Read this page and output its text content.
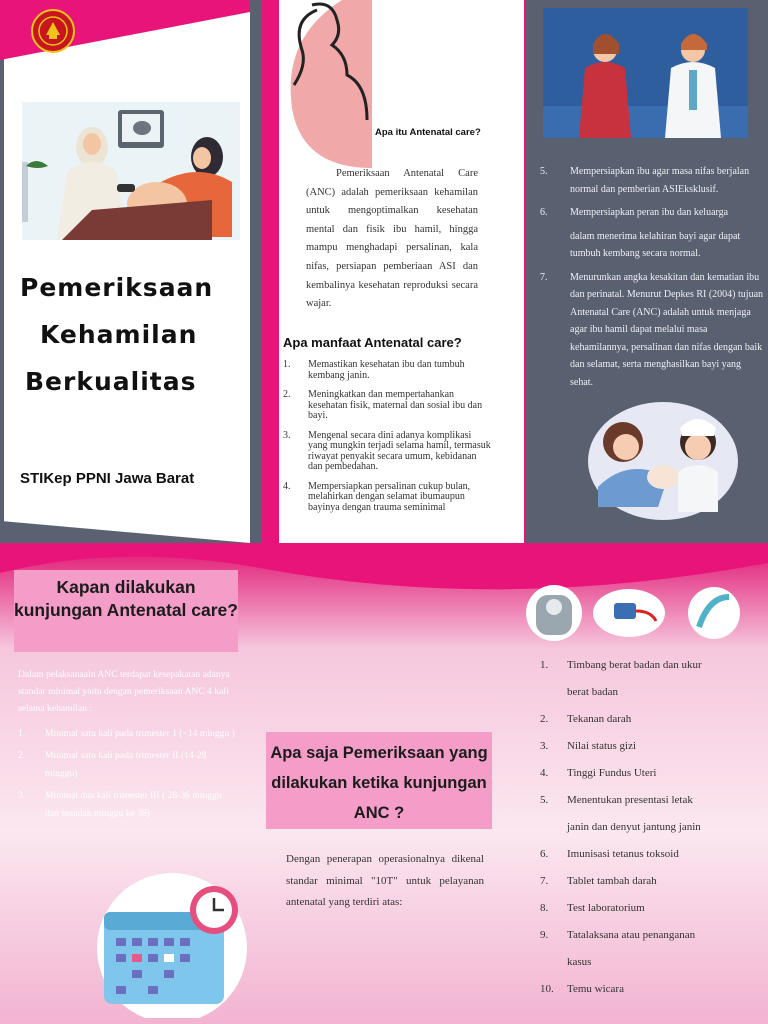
Pemeriksaan
Kehamilan
Berkualitas
STIKep PPNI Jawa Barat
Apa itu Antenatal care?
Pemeriksaan Antenatal Care (ANC) adalah pemeriksaan kehamilan untuk mengoptimalkan kesehatan mental dan fisik ibu hamil, hingga mampu menghadapi persalinan, kala nifas, persiapan pemberiaan ASI dan kembalinya kesehatan reproduksi secara wajar.
Apa manfaat Antenatal care?
1.	Memastikan kesehatan ibu dan tumbuh kembang janin.
2.	Meningkatkan dan mempertahankan kesehatan fisik, maternal dan sosial ibu dan bayi.
3.	Mengenal secara dini adanya komplikasi yang mungkin terjadi selama hamil, termasuk riwayat penyakit secara umum, kebidanan dan pembedahan.
4.	Mempersiapkan persalinan cukup bulan, melahirkan dengan selamat ibumaupun bayinya dengan trauma seminimal
5.	Mempersiapkan ibu agar masa nifas berjalan normal dan pemberian ASIEksklusif.
6.	Mempersiapkan peran ibu dan keluarga
dalam menerima kelahiran bayi agar dapat tumbuh kembang secara normal.
7.	Menurunkan angka kesakitan dan kematian ibu dan perinatal. Menurut Depkes RI (2004) tujuan Antenatal Care (ANC) adalah untuk menjaga agar ibu hamil dapat melalui masa kehamilannya, persalinan dan nifas dengan baik dan selamat, serta menghasilkan bayi yang sehat.
Kapan dilakukan kunjungan Antenatal care?
Dalam pelaksanaain ANC terdapat kesepakatan adanya standar minimal yaitu dengan pemeriksaan ANC 4 kali selama kehamilan :
1.	Minimal satu kali pada trimester 1 (<14 minggu )
2.	Minimal satu kali pada trimester II (14-28 minggu)
3.	Minimal dua kali trimester III ( 28-36 minggu dan sesudah minggu ke 36)
Apa saja Pemeriksaan yang dilakukan ketika kunjungan ANC ?
Dengan penerapan operasionalnya dikenal standar minimal "10T" untuk pelayanan antenatal yang terdiri atas:
1.	Timbang berat badan dan ukur
berat badan
2.	Tekanan darah
3.	Nilai status gizi
4.	Tinggi Fundus Uteri
5.	Menentukan presentasi letak
janin dan denyut jantung janin
6.	Imunisasi tetanus toksoid
7.	Tablet tambah darah
8.	Test laboratorium
9.	Tatalaksana atau penanganan
kasus
10.	Temu wicara
